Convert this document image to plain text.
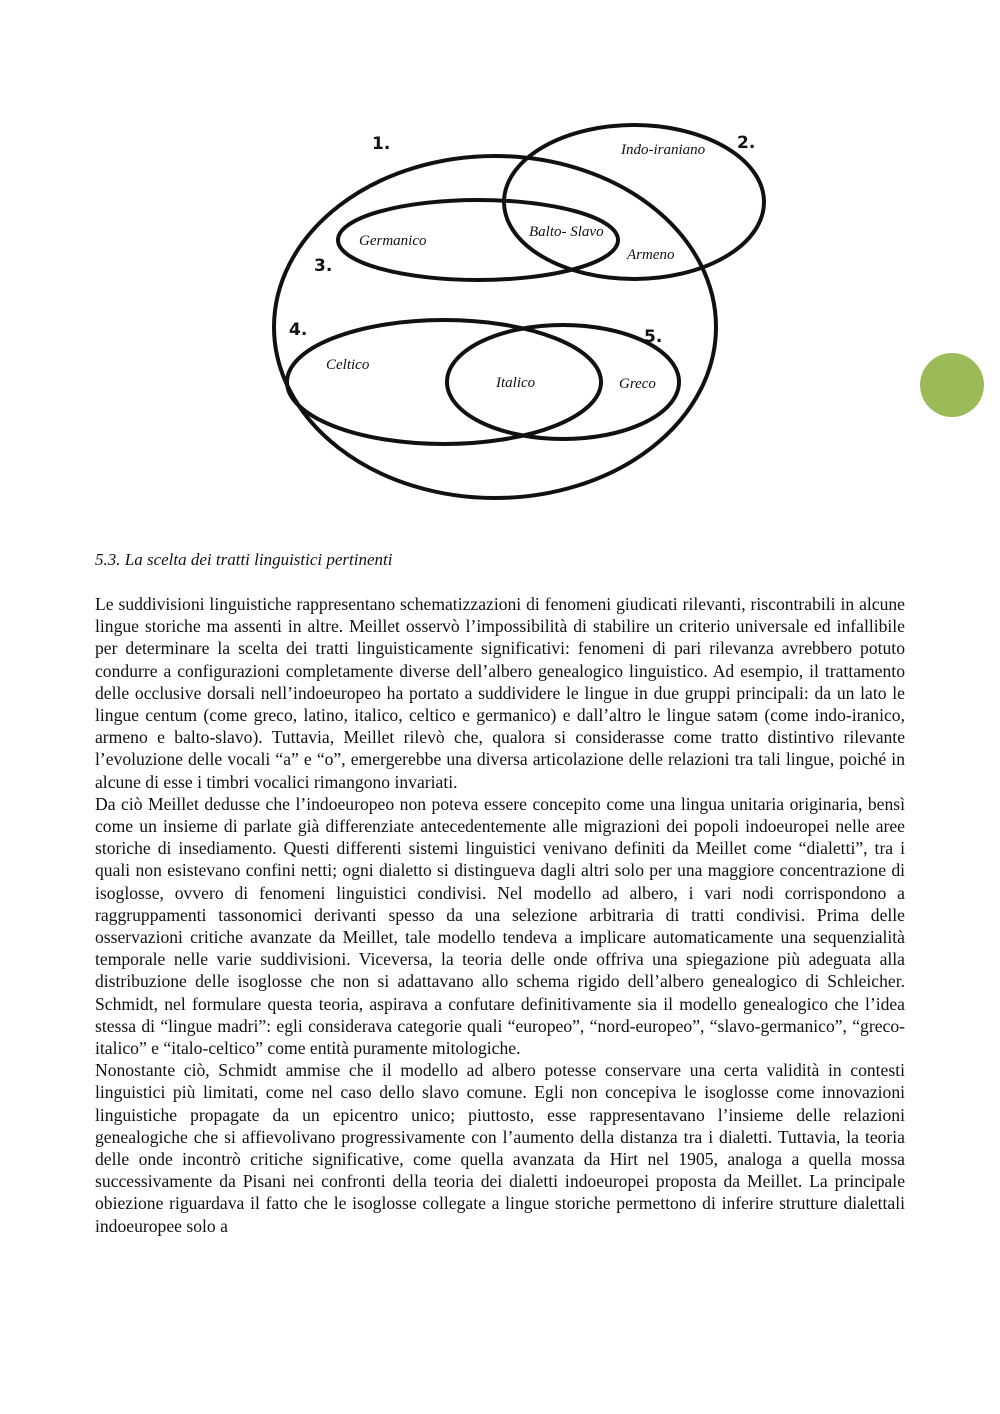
1.	2.
3.
4.	5.
Indo-iraniano
Germanico
Balto- Slavo
Armeno
Celtico
Italico	Greco
5.3. La scelta dei tratti linguistici pertinenti

Le suddivisioni linguistiche rappresentano schematizzazioni di fenomeni giudicati rilevanti, riscontrabili in alcune lingue storiche ma assenti in altre. Meillet osservò l’impossibilità di stabilire un criterio universale ed infallibile per determinare la scelta dei tratti linguisticamente significativi: fenomeni di pari rilevanza avrebbero potuto condurre a configurazioni completamente diverse dell’albero genealogico linguistico. Ad esempio, il trattamento delle occlusive dorsali nell’indoeuropeo ha portato a suddividere le lingue in due gruppi principali: da un lato le lingue centum (come greco, latino, italico, celtico e germanico) e dall’altro le lingue satəm (come indo-iranico, armeno e balto-slavo). Tuttavia, Meillet rilevò che, qualora si considerasse come tratto distintivo rilevante l’evoluzione delle vocali “a” e “o”, emergerebbe una diversa articolazione delle relazioni tra tali lingue, poiché in alcune di esse i timbri vocalici rimangono invariati.

Da ciò Meillet dedusse che l’indoeuropeo non poteva essere concepito come una lingua unitaria originaria, bensì come un insieme di parlate già differenziate antecedentemente alle migrazioni dei popoli indoeuropei nelle aree storiche di insediamento. Questi differenti sistemi linguistici venivano definiti da Meillet come “dialetti”, tra i quali non esistevano confini netti; ogni dialetto si distingueva dagli altri solo per una maggiore concentrazione di isoglosse, ovvero di fenomeni linguistici condivisi. Nel modello ad albero, i vari nodi corrispondono a raggruppamenti tassonomici derivanti spesso da una selezione arbitraria di tratti condivisi. Prima delle osservazioni critiche avanzate da Meillet, tale modello tendeva a implicare automaticamente una sequenzialità temporale nelle varie suddivisioni. Viceversa, la teoria delle onde offriva una spiegazione più adeguata alla distribuzione delle isoglosse che non si adattavano allo schema rigido dell’albero genealogico di Schleicher. Schmidt, nel formulare questa teoria, aspirava a confutare definitivamente sia il modello genealogico che l’idea stessa di “lingue madri”: egli considerava categorie quali “europeo”, “nord-europeo”, “slavo-germanico”, “greco-italico” e “italo-celtico” come entità puramente mitologiche.

Nonostante ciò, Schmidt ammise che il modello ad albero potesse conservare una certa validità in contesti linguistici più limitati, come nel caso dello slavo comune. Egli non concepiva le isoglosse come innovazioni linguistiche propagate da un epicentro unico; piuttosto, esse rappresentavano l’insieme delle relazioni genealogiche che si affievolivano progressivamente con l’aumento della distanza tra i dialetti. Tuttavia, la teoria delle onde incontrò critiche significative, come quella avanzata da Hirt nel 1905, analoga a quella mossa successivamente da Pisani nei confronti della teoria dei dialetti indoeuropei proposta da Meillet. La principale obiezione riguardava il fatto che le isoglosse collegate a lingue storiche permettono di inferire strutture dialettali indoeuropee solo a
